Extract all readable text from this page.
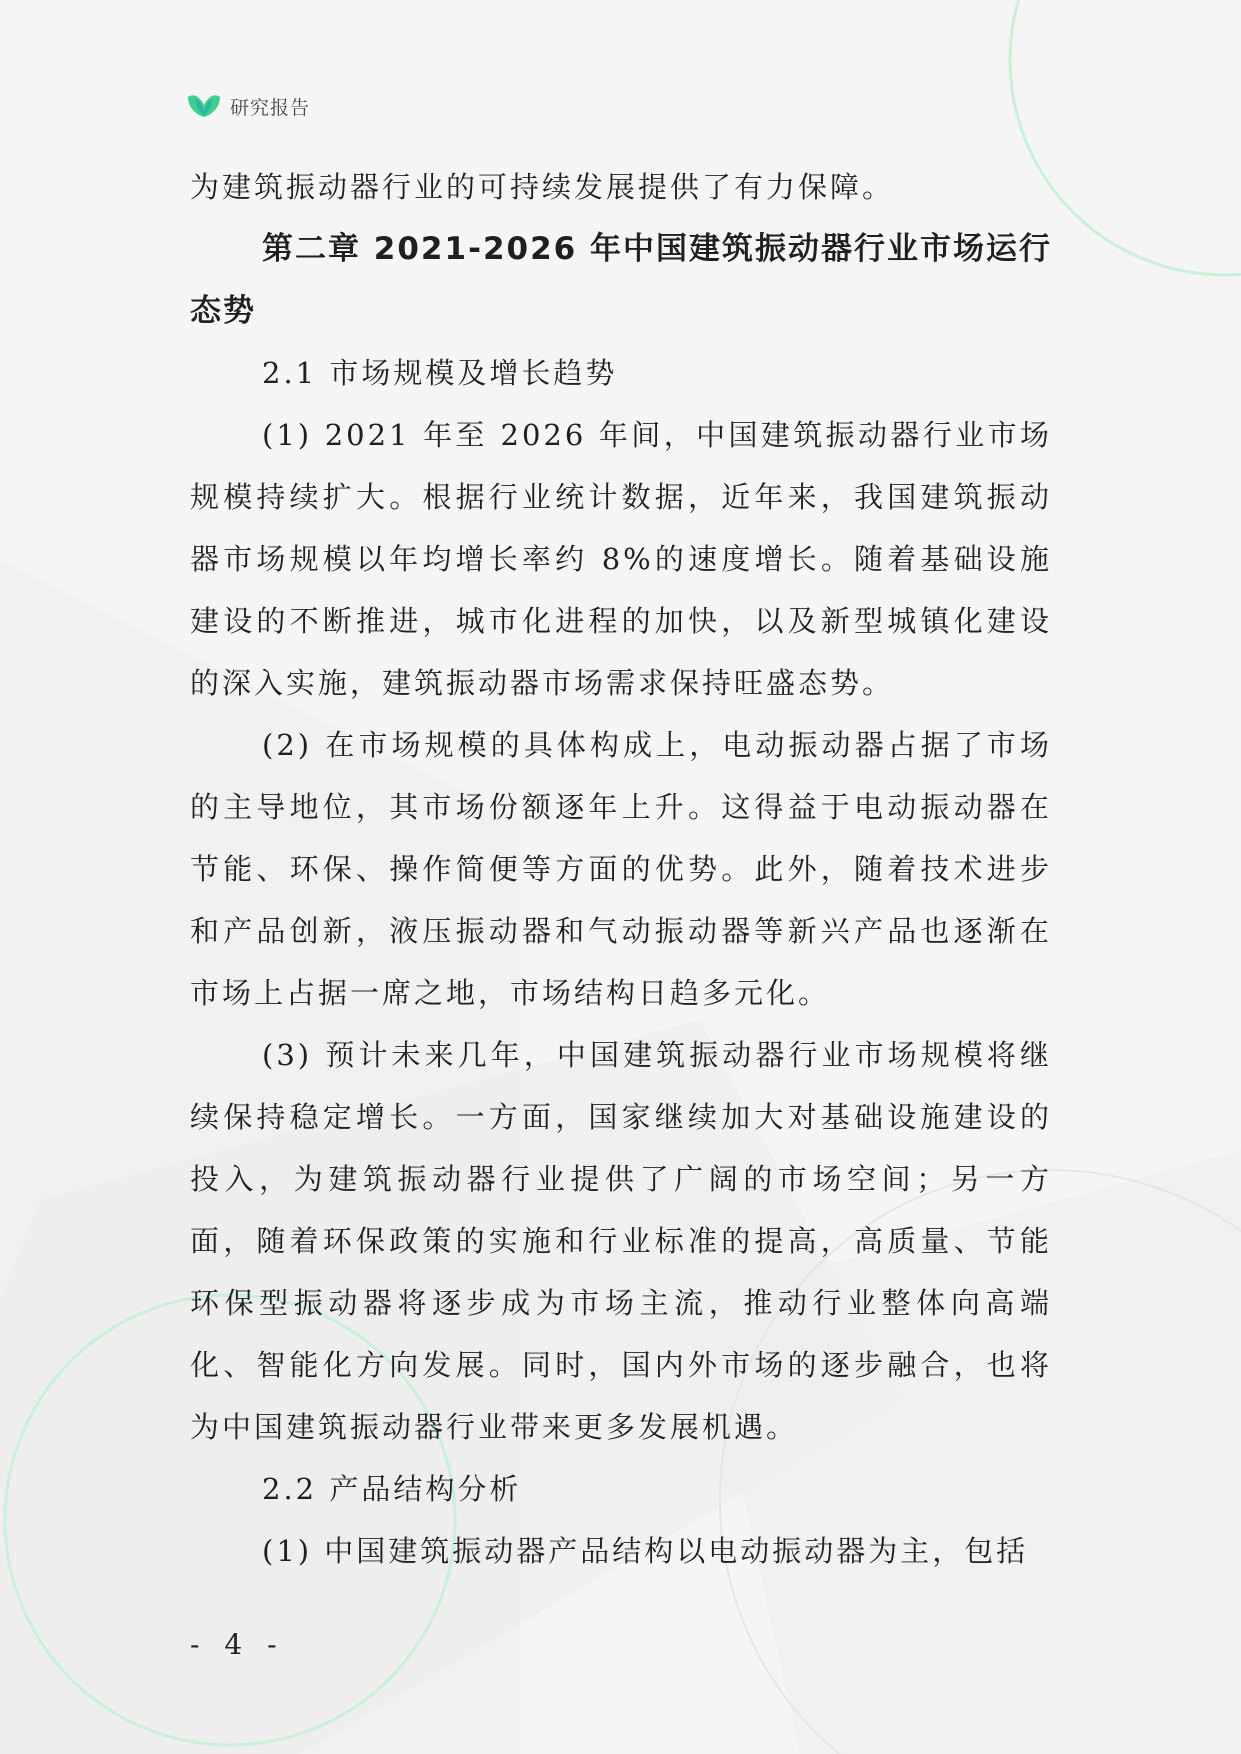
研究报告

为建筑振动器行业的可持续发展提供了有力保障。

第二章 2021-2026 年中国建筑振动器行业市场运行态势

2.1 市场规模及增长趋势

(1) 2021 年至 2026 年间，中国建筑振动器行业市场规模持续扩大。根据行业统计数据，近年来，我国建筑振动器市场规模以年均增长率约 8%的速度增长。随着基础设施建设的不断推进，城市化进程的加快，以及新型城镇化建设的深入实施，建筑振动器市场需求保持旺盛态势。

(2) 在市场规模的具体构成上，电动振动器占据了市场的主导地位，其市场份额逐年上升。这得益于电动振动器在节能、环保、操作简便等方面的优势。此外，随着技术进步和产品创新，液压振动器和气动振动器等新兴产品也逐渐在市场上占据一席之地，市场结构日趋多元化。

(3) 预计未来几年，中国建筑振动器行业市场规模将继续保持稳定增长。一方面，国家继续加大对基础设施建设的投入，为建筑振动器行业提供了广阔的市场空间；另一方面，随着环保政策的实施和行业标准的提高，高质量、节能环保型振动器将逐步成为市场主流，推动行业整体向高端化、智能化方向发展。同时，国内外市场的逐步融合，也将为中国建筑振动器行业带来更多发展机遇。

2.2 产品结构分析

(1) 中国建筑振动器产品结构以电动振动器为主，包括

- 4 -
